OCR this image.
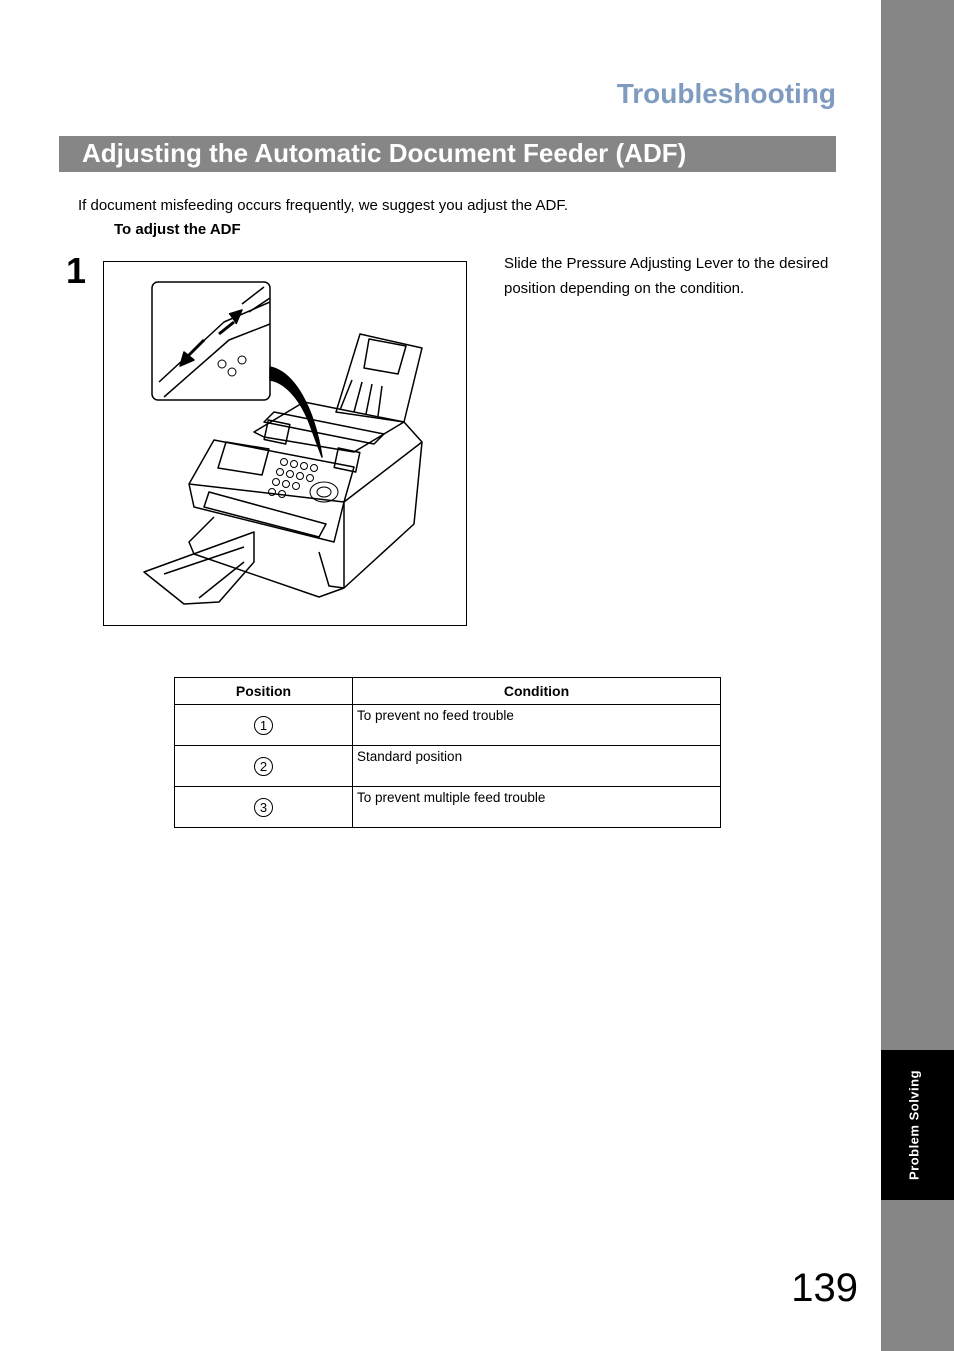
Problem Solving
Troubleshooting
Adjusting the Automatic Document Feeder (ADF)
If document misfeeding occurs frequently, we suggest you adjust the ADF.
To adjust the ADF
1	Slide the Pressure Adjusting Lever to the desired position depending on the condition.
Position	Condition
1	To prevent no feed trouble
2	Standard position
3	To prevent multiple feed trouble
139
